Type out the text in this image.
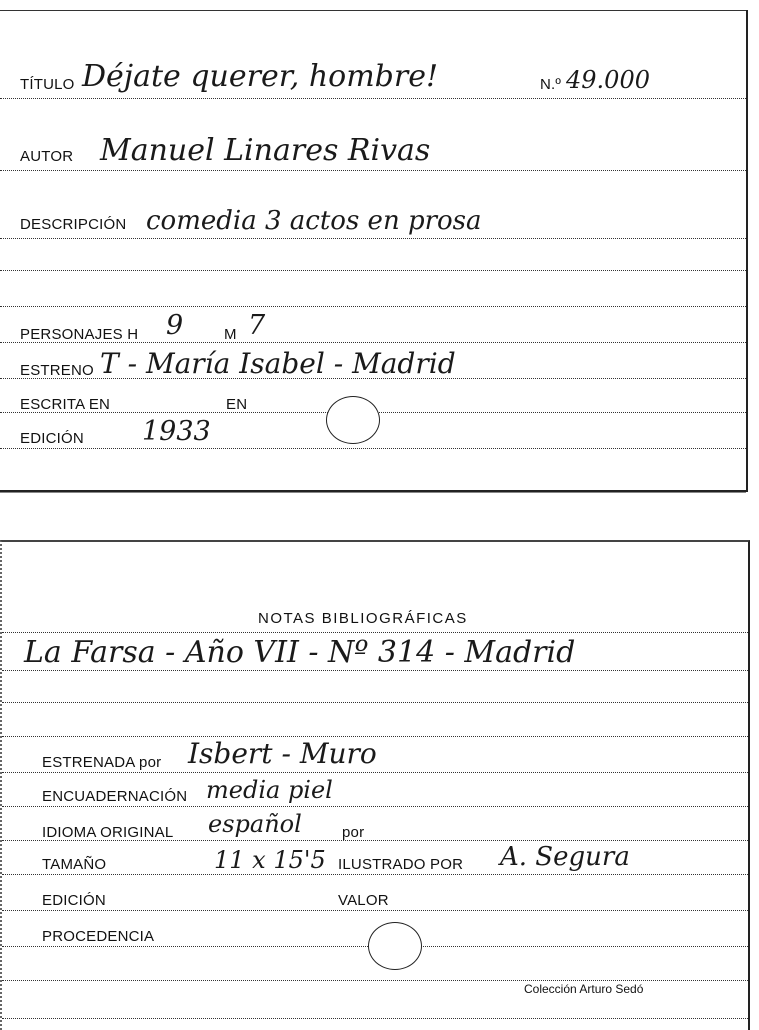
TÍTULO Déjate querer, hombre!	N.º 49.000
AUTOR Manuel Linares Rivas
DESCRIPCIÓN comedia 3 actos en prosa
PERSONAJES H 9	M 7
ESTRENO T - María Isabel - Madrid
ESCRITA EN	EN
EDICIÓN 1933
NOTAS BIBLIOGRÁFICAS
La Farsa - Año VII - Nº 314 - Madrid
ESTRENADA por Isbert - Muro
ENCUADERNACIÓN media piel
IDIOMA ORIGINAL español	por
TAMAÑO	11 x 15'5 ILUSTRADO POR A. Segura
EDICIÓN	VALOR
PROCEDENCIA
Colección Arturo Sedó
